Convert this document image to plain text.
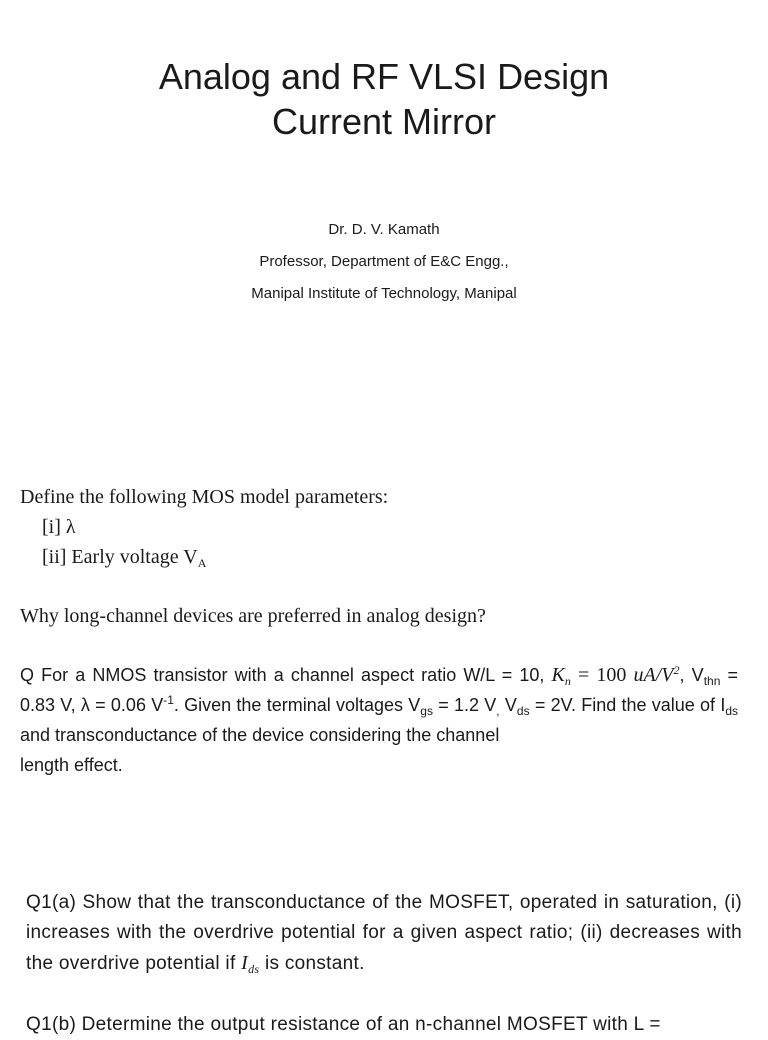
Analog and RF VLSI Design
Current Mirror
Dr. D. V. Kamath
Professor, Department of E&C Engg.,
Manipal Institute of Technology, Manipal
Define the following MOS model parameters:
[i] λ
[ii] Early voltage $V_A$
Why long-channel devices are preferred in analog design?
Q For a NMOS transistor with a channel aspect ratio W/L = 10, $K_n = 100$ $uA/V^2$, $V_{thn} = 0.83$ V, λ = 0.06 $V^{-1}$. Given the terminal voltages $V_{gs} = 1.2$ $V_,$ $V_{ds} = 2V$. Find the value of $I_{ds}$ and transconductance of the device considering the channel
length effect.
Q1(a) Show that the transconductance of the MOSFET, operated in saturation, (i) increases with the overdrive potential for a given aspect ratio; (ii) decreases with the overdrive potential if $I_{ds}$ is constant.
Q1(b) Determine the output resistance of an n-channel MOSFET with L =
